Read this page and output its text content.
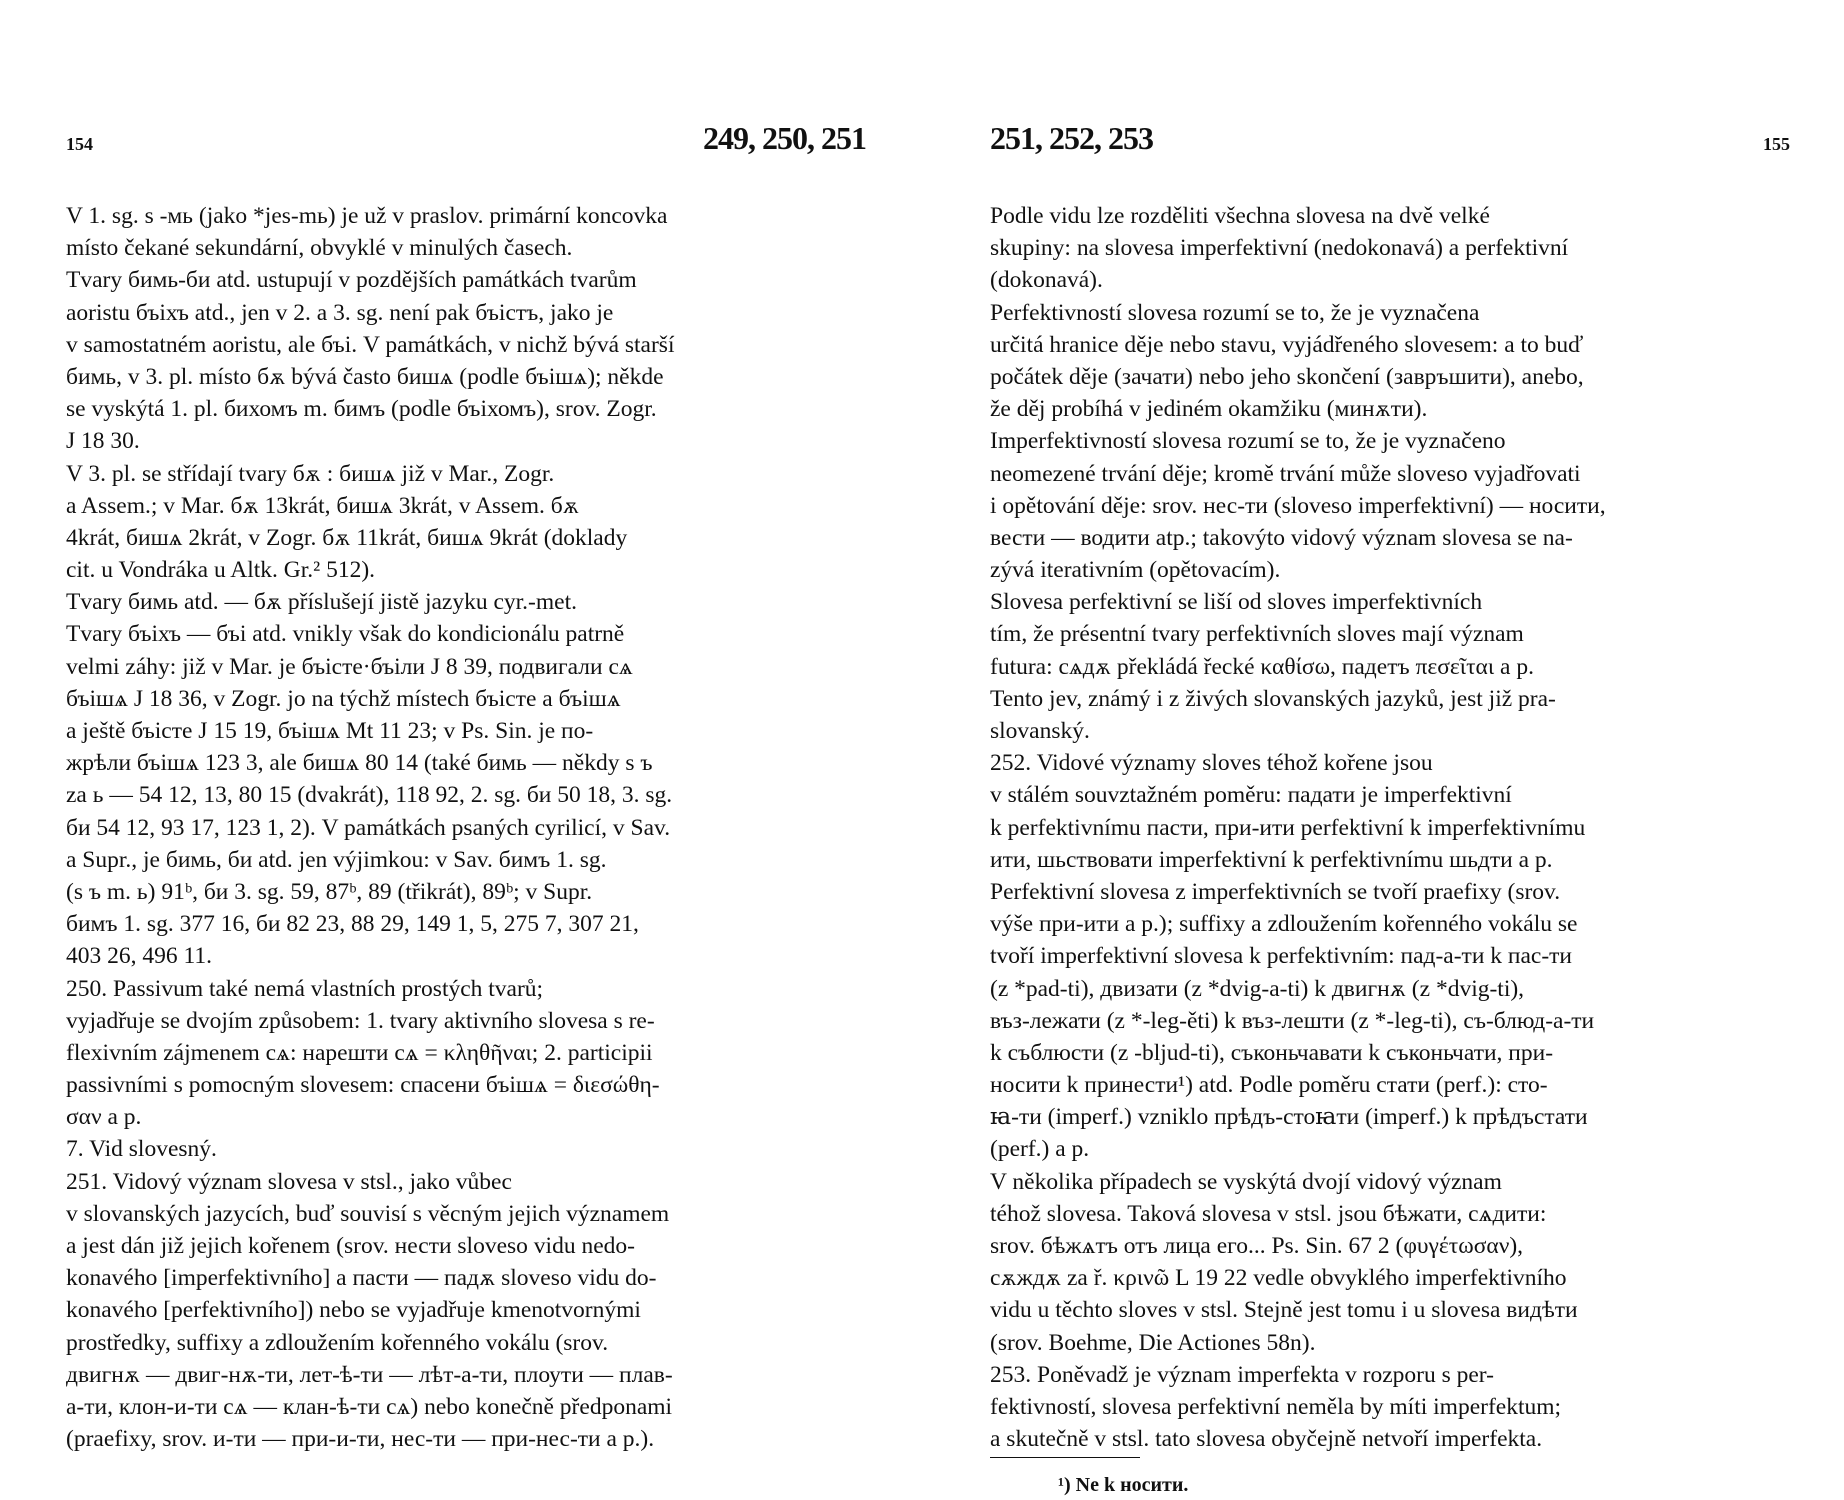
154	249, 250, 251
V 1. sg. s -мь (jako *jes-mь) je už v praslov. primární koncovka
místo čekané sekundární, obvyklé v minulých časech.
Tvary бимь-би atd. ustupují v pozdějších památkách tvarům
aoristu бъіхъ atd., jen v 2. a 3. sg. není pak бъістъ, jako je
v samostatném aoristu, ale бъі. V památkách, v nichž bývá starší
бимь, v 3. pl. místo бѫ bývá často бишѧ (podle бъішѧ); někde
se vyskýtá 1. pl. бихомъ m. бимъ (podle бъіхомъ), srov. Zogr.
J 18 30.
V 3. pl. se střídají tvary бѫ : бишѧ již v Mar., Zogr.
a Assem.; v Mar. бѫ 13krát, бишѧ 3krát, v Assem. бѫ
4krát, бишѧ 2krát, v Zogr. бѫ 11krát, бишѧ 9krát (doklady
cit. u Vondráka u Altk. Gr.² 512).
Tvary бимь atd. — бѫ příslušejí jistě jazyku cyr.-met.
Tvary бъіхъ — бъі atd. vnikly však do kondicionálu patrně
velmi záhy: již v Mar. je бъісте·бъіли J 8 39, подвигали сѧ
бъішѧ J 18 36, v Zogr. jo na týchž místech бъісте a бъішѧ
a ještě бъісте J 15 19, бъішѧ Mt 11 23; v Ps. Sin. je по-
жрѣли бъішѧ 123 3, ale бишѧ 80 14 (také бимь — někdy s ъ
za ь — 54 12, 13, 80 15 (dvakrát), 118 92, 2. sg. би 50 18, 3. sg.
би 54 12, 93 17, 123 1, 2). V památkách psaných cyrilicí, v Sav.
a Supr., je бимь, би atd. jen výjimkou: v Sav. бимъ 1. sg.
(s ъ m. ь) 91ᵇ, би 3. sg. 59, 87ᵇ, 89 (třikrát), 89ᵇ; v Supr.
бимъ 1. sg. 377 16, би 82 23, 88 29, 149 1, 5, 275 7, 307 21,
403 26, 496 11.
250. Passivum také nemá vlastních prostých tvarů;
vyjadřuje se dvojím způsobem: 1. tvary aktivního slovesa s re-
flexivním zájmenem сѧ: нарешти сѧ = κληθῆναι; 2. participii
passivními s pomocným slovesem: спасени бъішѧ = διεσώθη-
σαν a p.
7. Vid slovesný.
251. Vidový význam slovesa v stsl., jako vůbec
v slovanských jazycích, buď souvisí s věcným jejich významem
a jest dán již jejich kořenem (srov. нести sloveso vidu nedo-
konavého [imperfektivního] a пасти — падѫ sloveso vidu do-
konavého [perfektivního]) nebo se vyjadřuje kmenotvornými
prostředky, suffixy a zdloužením kořenného vokálu (srov.
двигнѫ — двиг-нѫ-ти, лет-ѣ-ти — лѣт-а-ти, плоути — плав-
а-ти, клон-и-ти сѧ — клан-ѣ-ти сѧ) nebo konečně předponami
(praefixy, srov. и-ти — при-и-ти, нес-ти — при-нес-ти a p.).
251, 252, 253	155
Podle vidu lze rozděliti všechna slovesa na dvě velké
skupiny: na slovesa imperfektivní (nedokonavá) a perfektivní
(dokonavá).
Perfektivností slovesa rozumí se to, že je vyznačena
určitá hranice děje nebo stavu, vyjádřeného slovesem: a to buď
počátek děje (зачати) nebo jeho skončení (завръшити), anebo,
že děj probíhá v jediném okamžiku (минѫти).
Imperfektivností slovesa rozumí se to, že je vyznačeno
neomezené trvání děje; kromě trvání může sloveso vyjadřovati
i opětování děje: srov. нес-ти (sloveso imperfektivní) — носити,
вести — водити atp.; takovýto vidový význam slovesa se na-
zývá iterativním (opětovacím).
Slovesa perfektivní se liší od sloves imperfektivních
tím, že présentní tvary perfektivních sloves mají význam
futura: сѧдѫ překládá řecké καθίσω, падетъ πεσεῖται a p.
Tento jev, známý i z živých slovanských jazyků, jest již pra-
slovanský.
252. Vidové významy sloves téhož kořene jsou
v stálém souvztažném poměru: падати je imperfektivní
k perfektivnímu пасти, при-ити perfektivní k imperfektivnímu
ити, шьствовати imperfektivní k perfektivnímu шьдти a p.
Perfektivní slovesa z imperfektivních se tvoří praefixy (srov.
výše при-ити a p.); suffixy a zdloužením kořenného vokálu se
tvoří imperfektivní slovesa k perfektivním: пад-а-ти k пас-ти
(z *pad-ti), двизати (z *dvig-a-ti) k двигнѫ (z *dvig-ti),
въз-лежати (z *-leg-ěti) k въз-лешти (z *-leg-ti), съ-блюд-а-ти
k съблюсти (z -bljud-ti), съконьчавати k съконьчати, при-
носити k принести¹) atd. Podle poměru стати (perf.): сто-
ꙗ-ти (imperf.) vzniklo прѣдъ-стоꙗти (imperf.) k прѣдъстати
(perf.) a p.
V několika případech se vyskýtá dvojí vidový význam
téhož slovesa. Taková slovesa v stsl. jsou бѣжати, сѧдити:
srov. бѣжѧтъ отъ лица его... Ps. Sin. 67 2 (φυγέτωσαν),
сѫждѫ za ř. κρινῶ L 19 22 vedle obvyklého imperfektivního
vidu u těchto sloves v stsl. Stejně jest tomu i u slovesa видѣти
(srov. Boehme, Die Actiones 58n).
253. Poněvadž je význam imperfekta v rozporu s per-
fektivností, slovesa perfektivní neměla by míti imperfektum;
a skutečně v stsl. tato slovesa obyčejně netvoří imperfekta.
¹) Ne k носити.
